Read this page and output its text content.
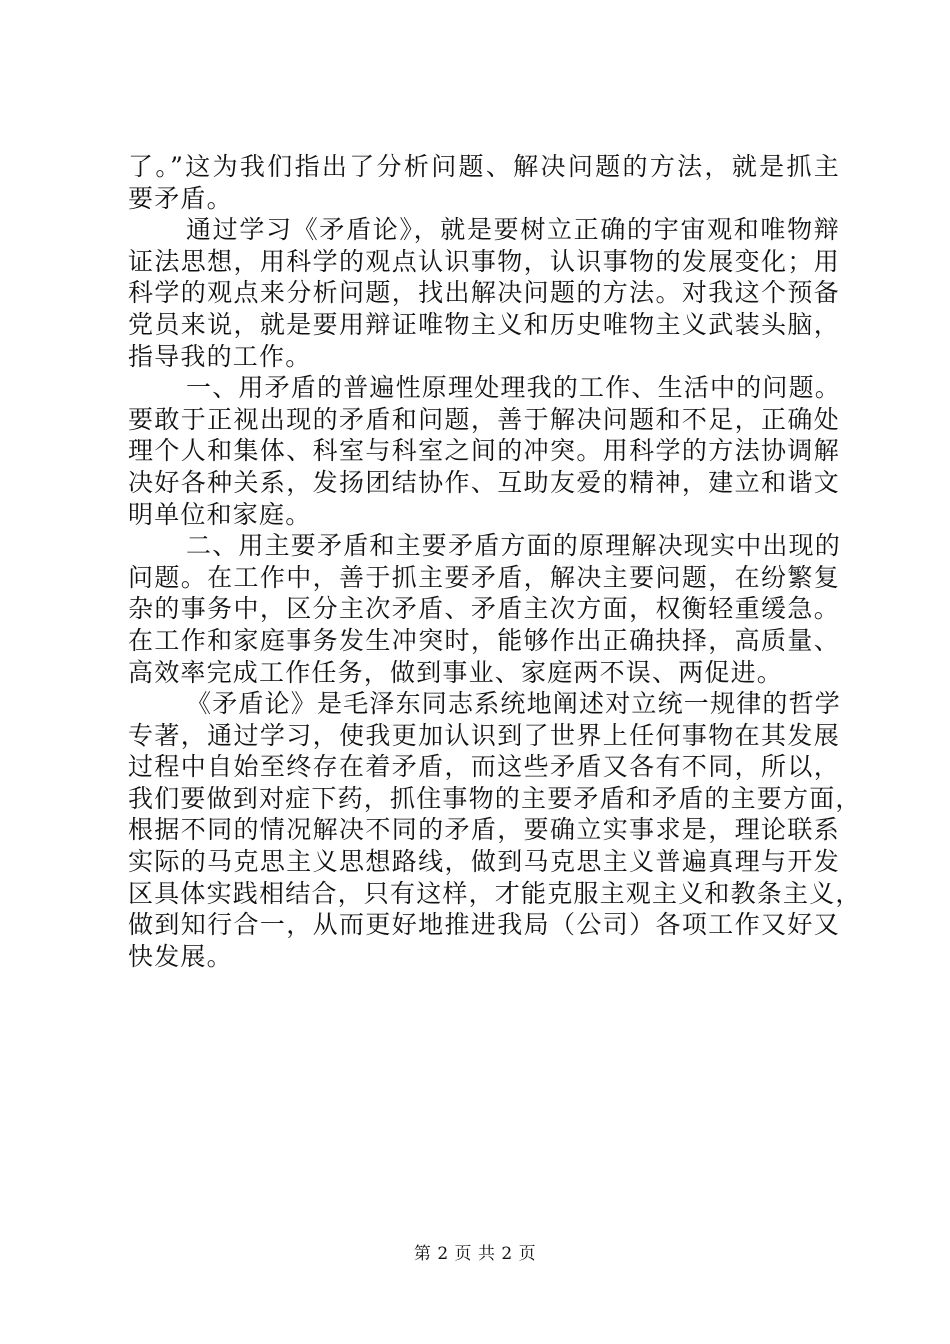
了。”这为我们指出了分析问题、解决问题的方法，就是抓主
要矛盾。
通过学习《矛盾论》，就是要树立正确的宇宙观和唯物辩
证法思想，用科学的观点认识事物，认识事物的发展变化；用
科学的观点来分析问题，找出解决问题的方法。对我这个预备
党员来说，就是要用辩证唯物主义和历史唯物主义武装头脑，
指导我的工作。
一、用矛盾的普遍性原理处理我的工作、生活中的问题。
要敢于正视出现的矛盾和问题，善于解决问题和不足，正确处
理个人和集体、科室与科室之间的冲突。用科学的方法协调解
决好各种关系，发扬团结协作、互助友爱的精神，建立和谐文
明单位和家庭。
二、用主要矛盾和主要矛盾方面的原理解决现实中出现的
问题。在工作中，善于抓主要矛盾，解决主要问题，在纷繁复
杂的事务中，区分主次矛盾、矛盾主次方面，权衡轻重缓急。
在工作和家庭事务发生冲突时，能够作出正确抉择，高质量、
高效率完成工作任务，做到事业、家庭两不误、两促进。
《矛盾论》是毛泽东同志系统地阐述对立统一规律的哲学
专著，通过学习，使我更加认识到了世界上任何事物在其发展
过程中自始至终存在着矛盾，而这些矛盾又各有不同，所以，
我们要做到对症下药，抓住事物的主要矛盾和矛盾的主要方面，
根据不同的情况解决不同的矛盾，要确立实事求是，理论联系
实际的马克思主义思想路线，做到马克思主义普遍真理与开发
区具体实践相结合，只有这样，才能克服主观主义和教条主义，
做到知行合一，从而更好地推进我局（公司）各项工作又好又
快发展。
第 2 页 共 2 页
